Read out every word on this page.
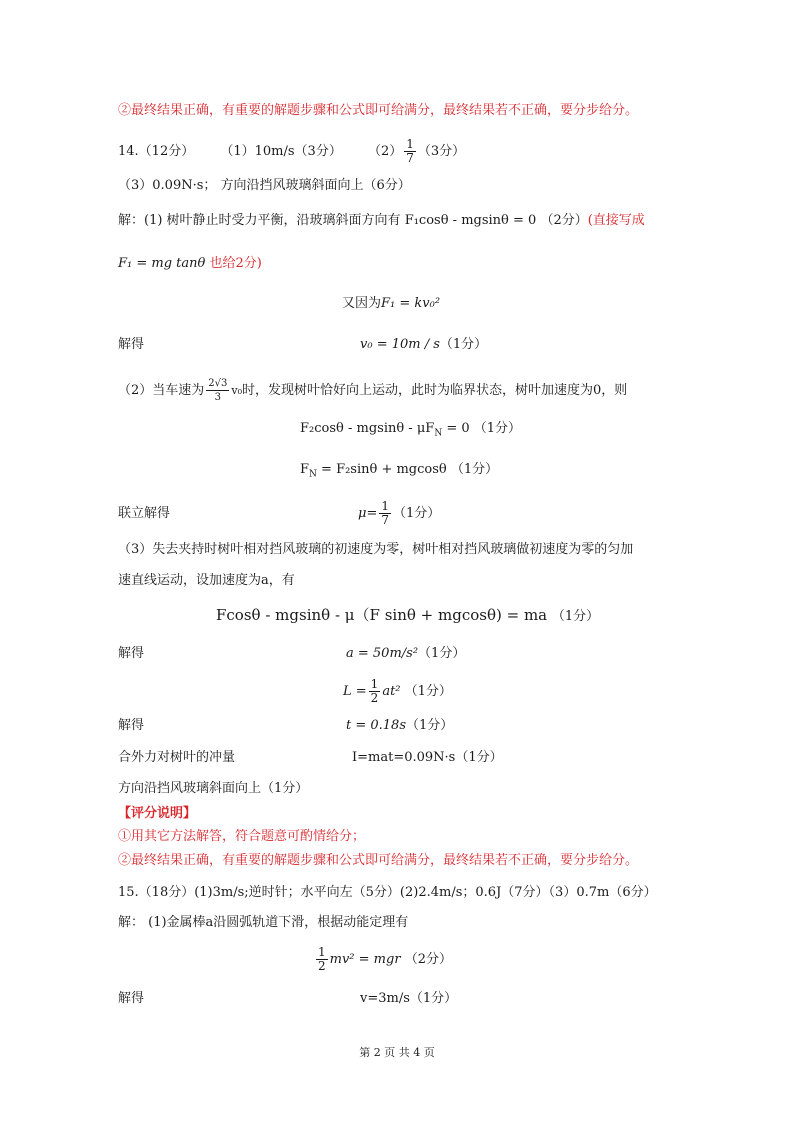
②最终结果正确，有重要的解题步骤和公式即可给满分，最终结果若不正确，要分步给分。
14.（12分） （1）10m/s（3分） $(2) \frac{1}{7} (3$分）
（3）0.09N·s； 方向沿挡风玻璃斜面向上（6分）
解：(1) 树叶静止时受力平衡，沿玻璃斜面方向有 F₁cosθ - mgsinθ = 0 （2分）(直接写成
F₁ = mg tanθ 也给2分)
又因为F₁ = kv₀²
解得	v₀ = 10m / s（1分）
（2）当车速为 $\frac{2√3}{3} v_0$时，发现树叶恰好向上运动，此时为临界状态，树叶加速度为0，则
$F_2\cos\theta - mgsin\theta - \mu F_N = 0$ （1分）
$F_N = F_2\sin\theta + mgcos\theta$ （1分）
联立解得	$\mu= \frac{1}{7} (1$分）
（3）失去夹持时树叶相对挡风玻璃的初速度为零，树叶相对挡风玻璃做初速度为零的匀加
速直线运动，设加速度为a，有
Fcosθ - mgsinθ - μ（F sinθ + mgcosθ) = ma （1分）
解得	a = 50m/s²（1分）
$L = \frac{1}{2} at^2$ （1分）
解得	t = 0.18s（1分）
合外力对树叶的冲量	I=mat=0.09N·s（1分）
方向沿挡风玻璃斜面向上（1分）
【评分说明】
①用其它方法解答，符合题意可酌情给分；
②最终结果正确，有重要的解题步骤和公式即可给满分，最终结果若不正确，要分步给分。
15.（18分）(1)3m/s;逆时针；水平向左（5分）(2)2.4m/s；0.6J（7分）（3）0.7m（6分）
解： (1)金属棒a沿圆弧轨道下滑，根据动能定理有
$\frac{1}{2} mv^2$ = mgr （2分）
解得	v=3m/s（1分）
第 2 页 共 4 页
